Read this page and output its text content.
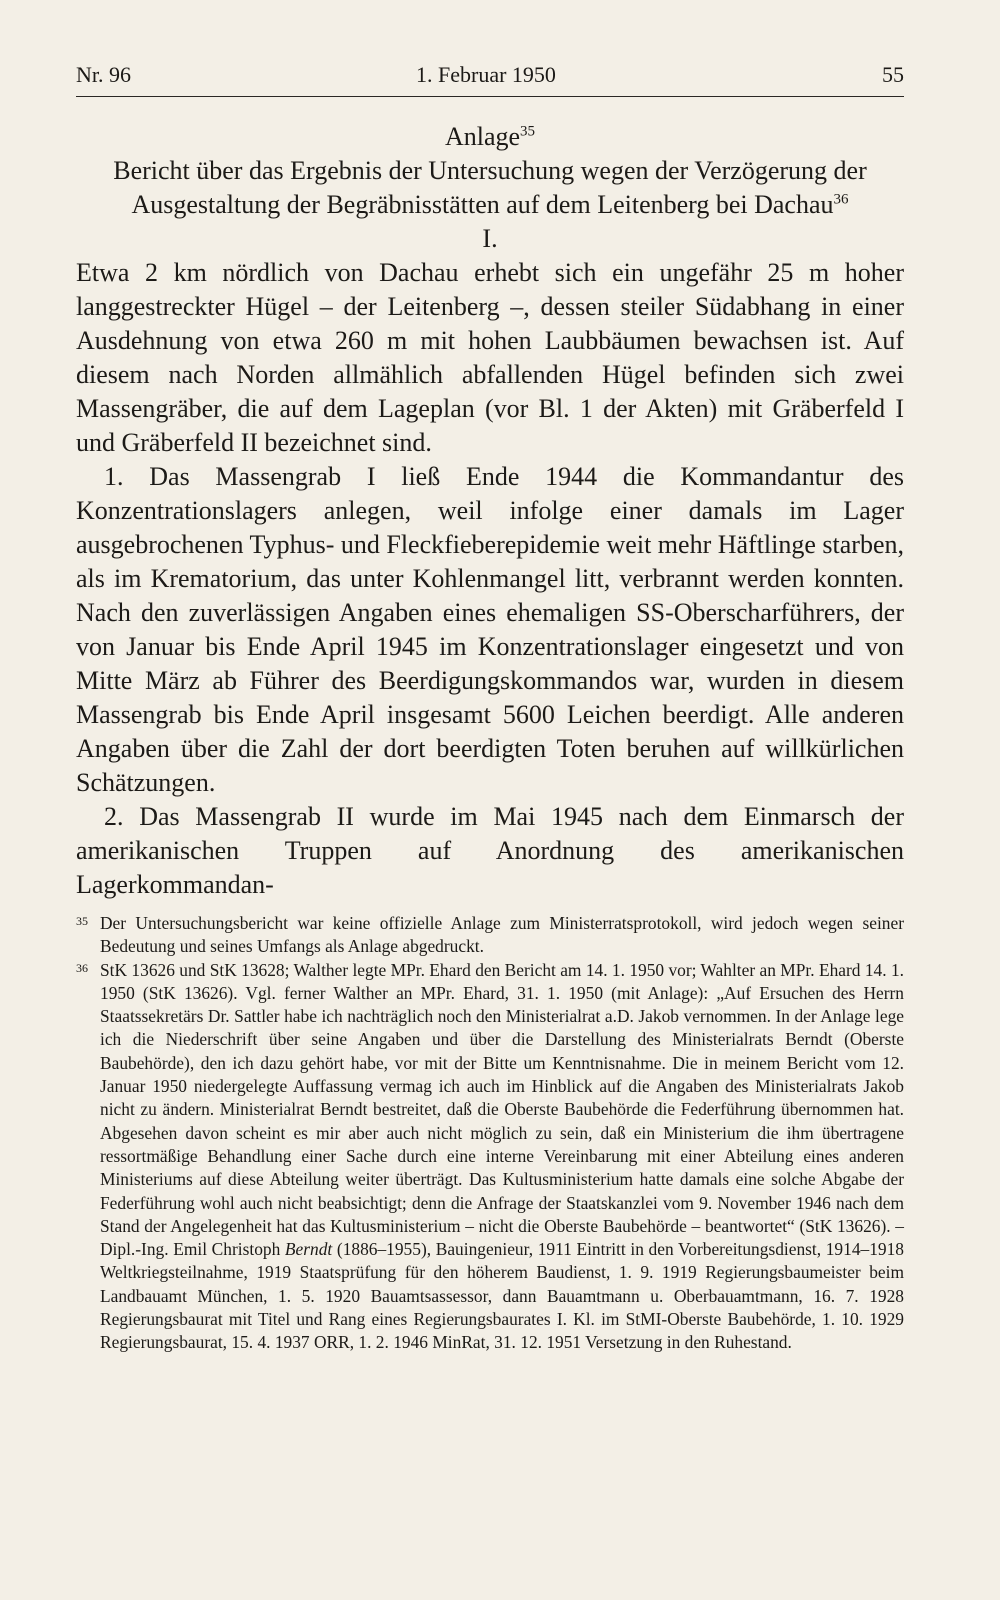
Nr. 96	1. Februar 1950	55

Anlage$^{35}$

Bericht über das Ergebnis der Untersuchung wegen der Verzögerung der Ausgestaltung der Begräbnisstätten auf dem Leitenberg bei Dachau$^{36}$

I.

Etwa 2 km nördlich von Dachau erhebt sich ein ungefähr 25 m hoher langgestreckter Hügel – der Leitenberg –, dessen steiler Südabhang in einer Ausdehnung von etwa 260 m mit hohen Laubbäumen bewachsen ist. Auf diesem nach Norden allmählich abfallenden Hügel befinden sich zwei Massengräber, die auf dem Lageplan (vor Bl. 1 der Akten) mit Gräberfeld I und Gräberfeld II bezeichnet sind.

1. Das Massengrab I ließ Ende 1944 die Kommandantur des Konzentrationslagers anlegen, weil infolge einer damals im Lager ausgebrochenen Typhus- und Fleckfieberepidemie weit mehr Häftlinge starben, als im Krematorium, das unter Kohlenmangel litt, verbrannt werden konnten. Nach den zuverlässigen Angaben eines ehemaligen SS-Oberscharführers, der von Januar bis Ende April 1945 im Konzentrationslager eingesetzt und von Mitte März ab Führer des Beerdigungskommandos war, wurden in diesem Massengrab bis Ende April insgesamt 5600 Leichen beerdigt. Alle anderen Angaben über die Zahl der dort beerdigten Toten beruhen auf willkürlichen Schätzungen.

2. Das Massengrab II wurde im Mai 1945 nach dem Einmarsch der amerikanischen Truppen auf Anordnung des amerikanischen Lagerkommandan-

35 Der Untersuchungsbericht war keine offizielle Anlage zum Ministerratsprotokoll, wird jedoch wegen seiner Bedeutung und seines Umfangs als Anlage abgedruckt.

36 StK 13626 und StK 13628; Walther legte MPr. Ehard den Bericht am 14. 1. 1950 vor; Wahlter an MPr. Ehard 14. 1. 1950 (StK 13626). Vgl. ferner Walther an MPr. Ehard, 31. 1. 1950 (mit Anlage): „Auf Ersuchen des Herrn Staatssekretärs Dr. Sattler habe ich nachträglich noch den Ministerialrat a.D. Jakob vernommen. In der Anlage lege ich die Niederschrift über seine Angaben und über die Darstellung des Ministerialrats Berndt (Oberste Baubehörde), den ich dazu gehört habe, vor mit der Bitte um Kenntnisnahme. Die in meinem Bericht vom 12. Januar 1950 niedergelegte Auffassung vermag ich auch im Hinblick auf die Angaben des Ministerialrats Jakob nicht zu ändern. Ministerialrat Berndt bestreitet, daß die Oberste Baubehörde die Federführung übernommen hat. Abgesehen davon scheint es mir aber auch nicht möglich zu sein, daß ein Ministerium die ihm übertragene ressortmäßige Behandlung einer Sache durch eine interne Vereinbarung mit einer Abteilung eines anderen Ministeriums auf diese Abteilung weiter überträgt. Das Kultusministerium hatte damals eine solche Abgabe der Federführung wohl auch nicht beabsichtigt; denn die Anfrage der Staatskanzlei vom 9. November 1946 nach dem Stand der Angelegenheit hat das Kultusministerium – nicht die Oberste Baubehörde – beantwortet“ (StK 13626). – Dipl.-Ing. Emil Christoph Berndt (1886–1955), Bauingenieur, 1911 Eintritt in den Vorbereitungsdienst, 1914–1918 Weltkriegsteilnahme, 1919 Staatsprüfung für den höherem Baudienst, 1. 9. 1919 Regierungsbaumeister beim Landbauamt München, 1. 5. 1920 Bauamtsassessor, dann Bauamtmann u. Oberbauamtmann, 16. 7. 1928 Regierungsbaurat mit Titel und Rang eines Regierungsbaurates I. Kl. im StMI-Oberste Baubehörde, 1. 10. 1929 Regierungsbaurat, 15. 4. 1937 ORR, 1. 2. 1946 MinRat, 31. 12. 1951 Versetzung in den Ruhestand.
